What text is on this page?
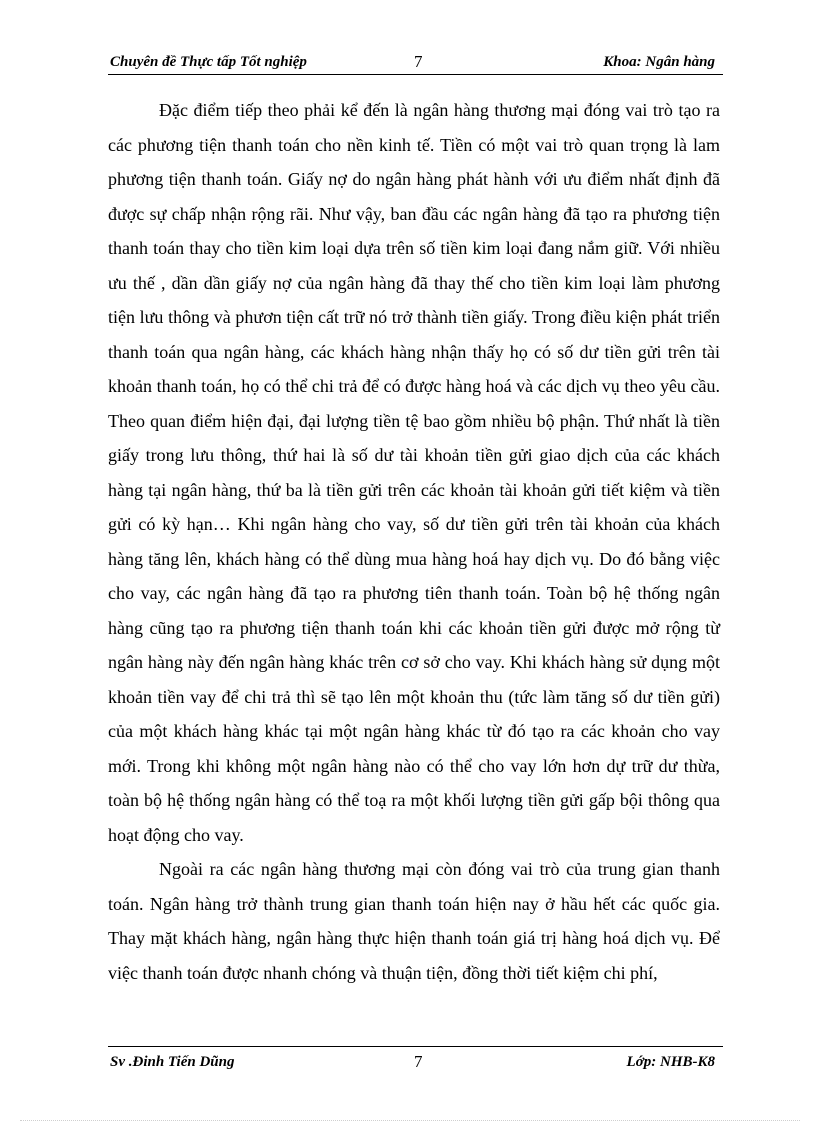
Chuyên đề Thực tấp Tốt nghiệp	7	Khoa: Ngân hàng

Đặc điểm tiếp theo phải kể đến là ngân hàng thương mại đóng vai trò tạo ra các phương tiện thanh toán cho nền kinh tế. Tiền có một vai trò quan trọng là lam phương tiện thanh toán. Giấy nợ do ngân hàng phát hành với ưu điểm nhất định đã được sự chấp nhận rộng rãi. Như vậy, ban đầu các ngân hàng đã tạo ra phương tiện thanh toán thay cho tiền kim loại dựa trên số tiền kim loại đang nắm giữ. Với nhiều ưu thế , dần dần giấy nợ của ngân hàng đã thay thế cho tiền kim loại làm phương tiện lưu thông và phươn tiện cất trữ nó trở thành tiền giấy. Trong điều kiện phát triển thanh toán qua ngân hàng, các khách hàng nhận thấy họ có số dư tiền gửi trên tài khoản thanh toán, họ có thể chi trả để có được hàng hoá và các dịch vụ theo yêu cầu. Theo quan điểm hiện đại, đại lượng tiền tệ bao gồm nhiều bộ phận. Thứ nhất là tiền giấy trong lưu thông, thứ hai là số dư tài khoản tiền gửi giao dịch của các khách hàng tại ngân hàng, thứ ba là tiền gửi trên các khoản tài khoản gửi tiết kiệm và tiền gửi có kỳ hạn… Khi ngân hàng cho vay, số dư tiền gửi trên tài khoản của khách hàng tăng lên, khách hàng có thể dùng mua hàng hoá hay dịch vụ. Do đó bằng việc cho vay, các ngân hàng đã tạo ra phương tiên thanh toán. Toàn bộ hệ thống ngân hàng cũng tạo ra phương tiện thanh toán khi các khoản tiền gửi được mở rộng từ ngân hàng này đến ngân hàng khác trên cơ sở cho vay. Khi khách hàng sử dụng một khoản tiền vay để chi trả thì sẽ tạo lên một khoản thu (tức làm tăng số dư tiền gửi) của một khách hàng khác tại một ngân hàng khác từ đó tạo ra các khoản cho vay mới. Trong khi không một ngân hàng nào có thể cho vay lớn hơn dự trữ dư thừa, toàn bộ hệ thống ngân hàng có thể toạ ra một khối lượng tiền gửi gấp bội thông qua hoạt động cho vay.

Ngoài ra các ngân hàng thương mại còn đóng vai trò của trung gian thanh toán. Ngân hàng trở thành trung gian thanh toán hiện nay ở hầu hết các quốc gia. Thay mặt khách hàng, ngân hàng thực hiện thanh toán giá trị hàng hoá dịch vụ. Để việc thanh toán được nhanh chóng và thuận tiện, đồng thời tiết kiệm chi phí,

Sv .Đinh Tiến Dũng	7	Lớp: NHB-K8
